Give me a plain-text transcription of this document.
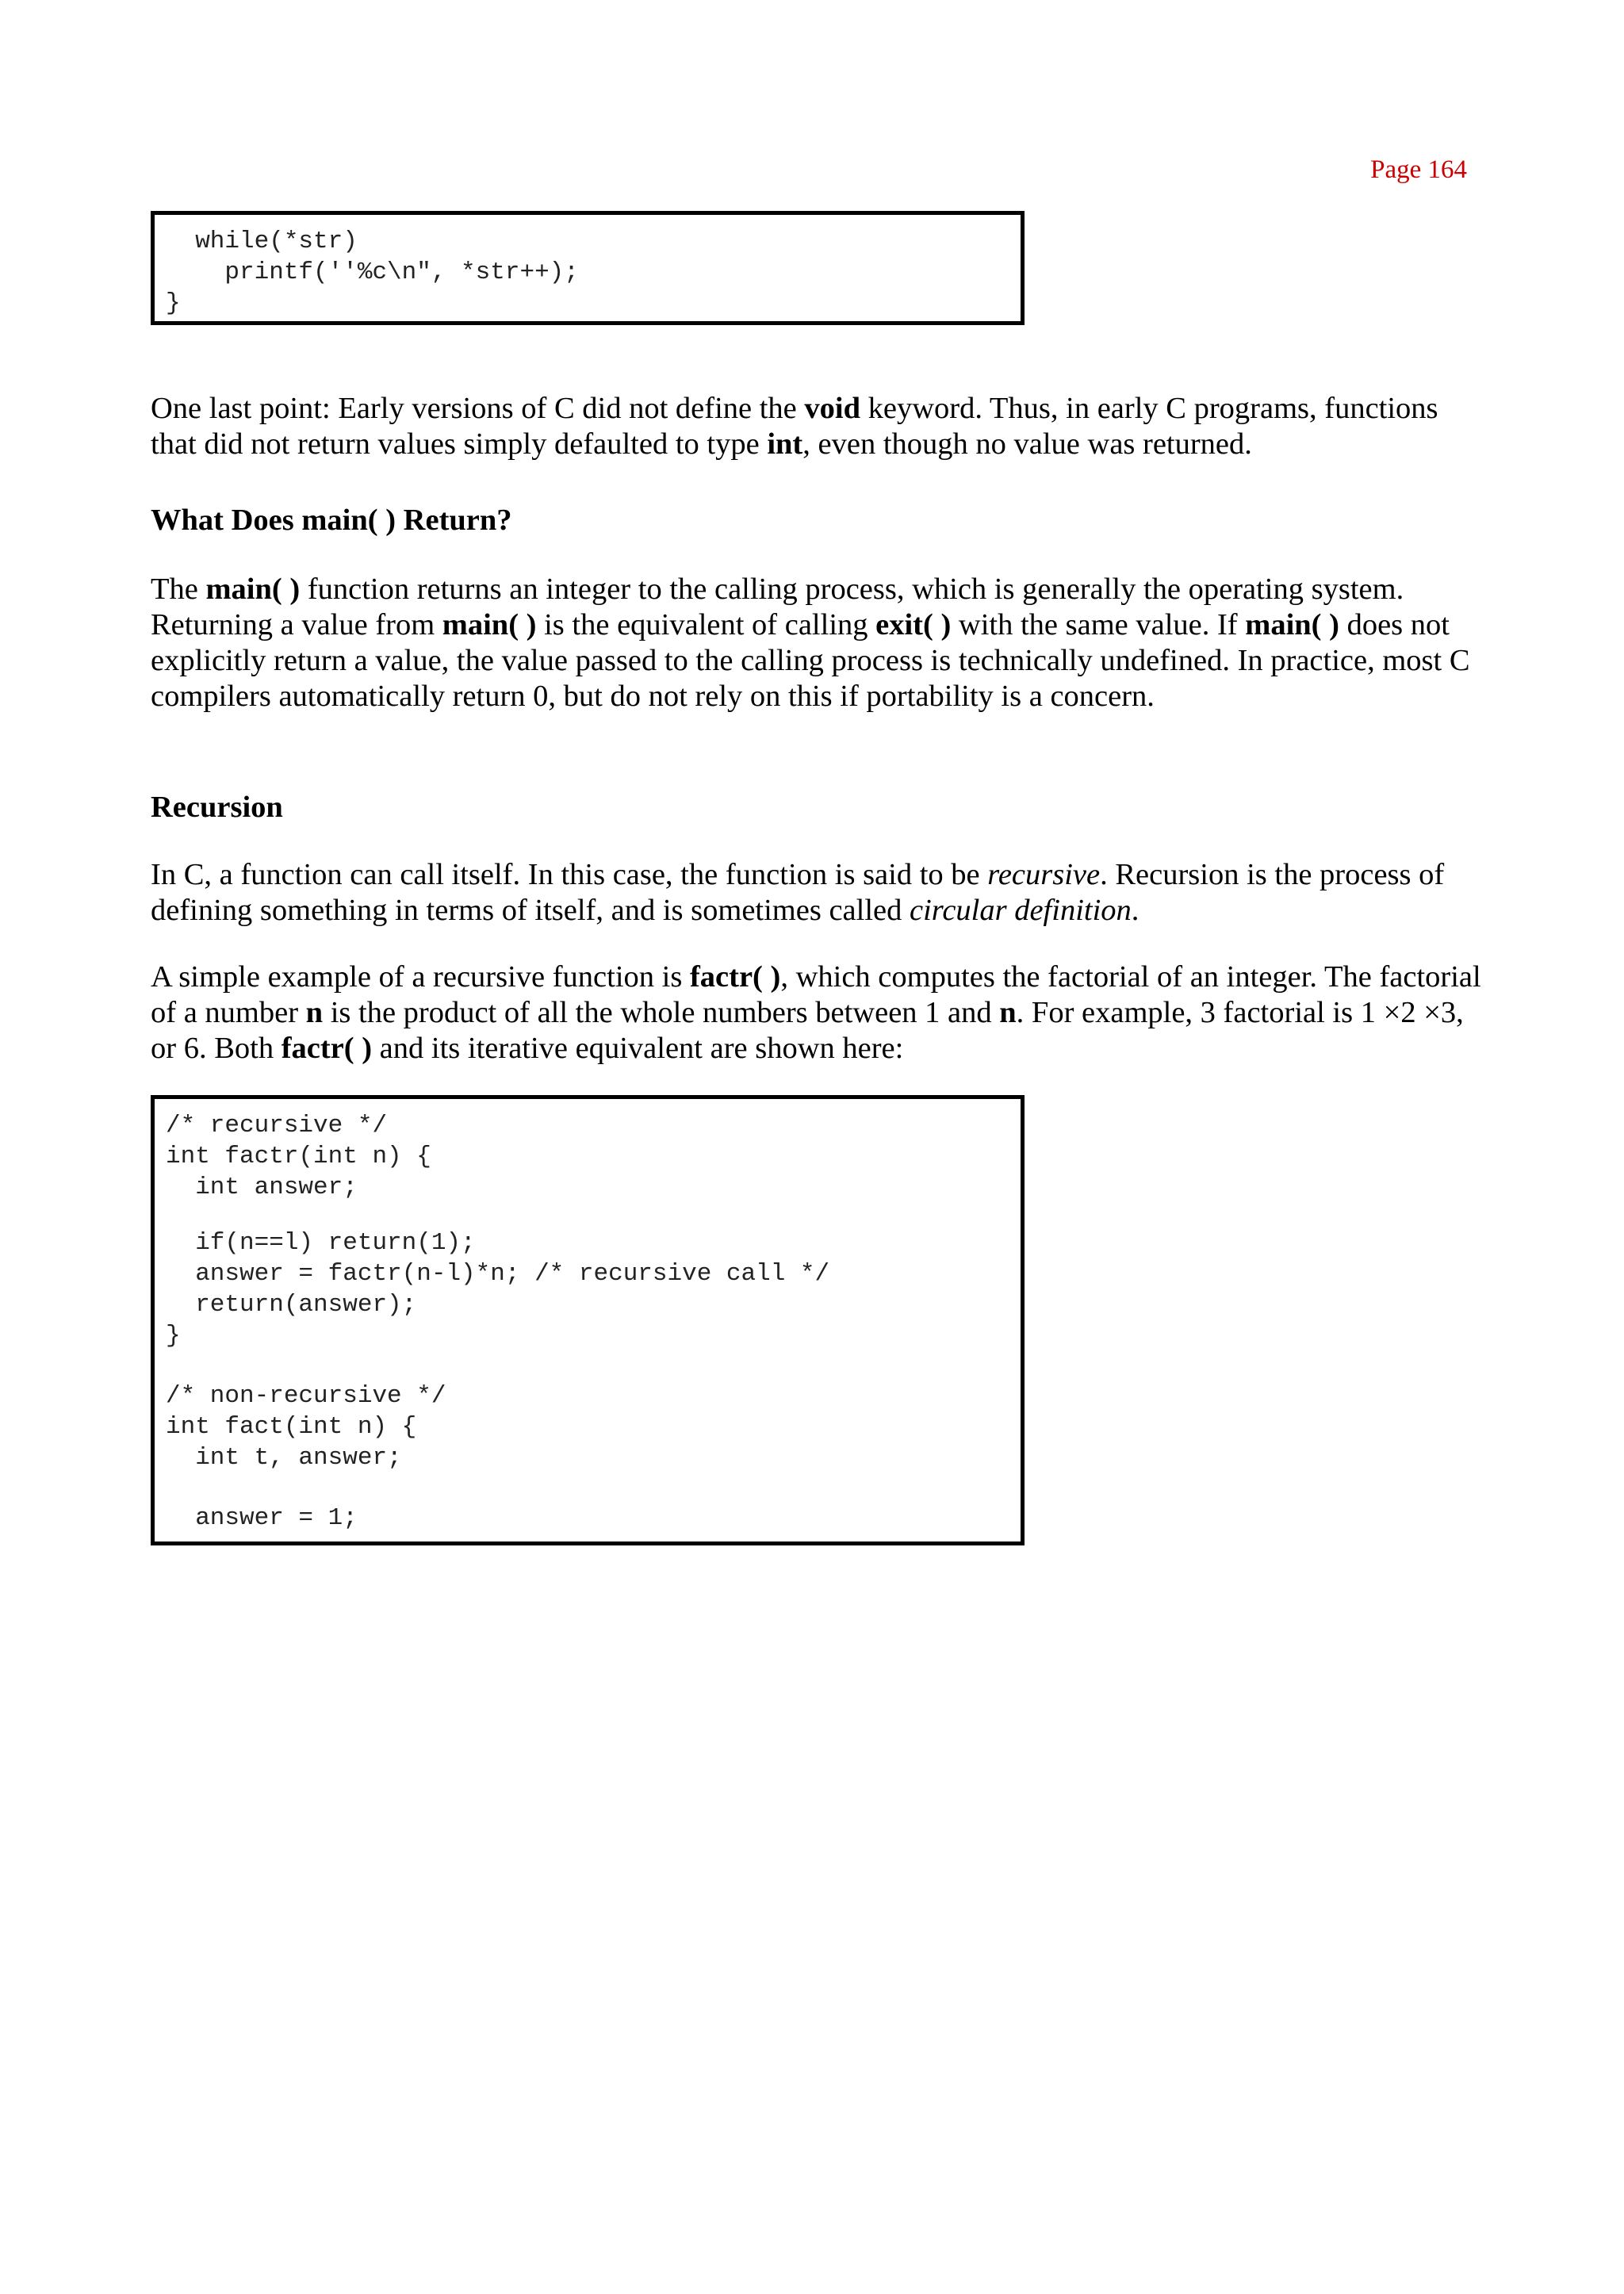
Page 164
while(*str)
printf(''%c\n", *str++);
}

One last point: Early versions of C did not define the void keyword. Thus, in early C programs, functions that did not return values simply defaulted to type int, even though no value was returned.

What Does main( ) Return?

The main( ) function returns an integer to the calling process, which is generally the operating system. Returning a value from main( ) is the equivalent of calling exit( ) with the same value. If main( ) does not explicitly return a value, the value passed to the calling process is technically undefined. In practice, most C compilers automatically return 0, but do not rely on this if portability is a concern.

Recursion

In C, a function can call itself. In this case, the function is said to be recursive. Recursion is the process of defining something in terms of itself, and is sometimes called circular definition.

A simple example of a recursive function is factr( ), which computes the factorial of an integer. The factorial of a number n is the product of all the whole numbers between 1 and n. For example, 3 factorial is 1 ×2 ×3, or 6. Both factr( ) and its iterative equivalent are shown here:

/* recursive */
int factr(int n) {
int answer;
if(n==l) return(1);
answer = factr(n-l)*n; /* recursive call */
return(answer);
}
/* non-recursive */
int fact(int n) {
int t, answer;
answer = 1;
